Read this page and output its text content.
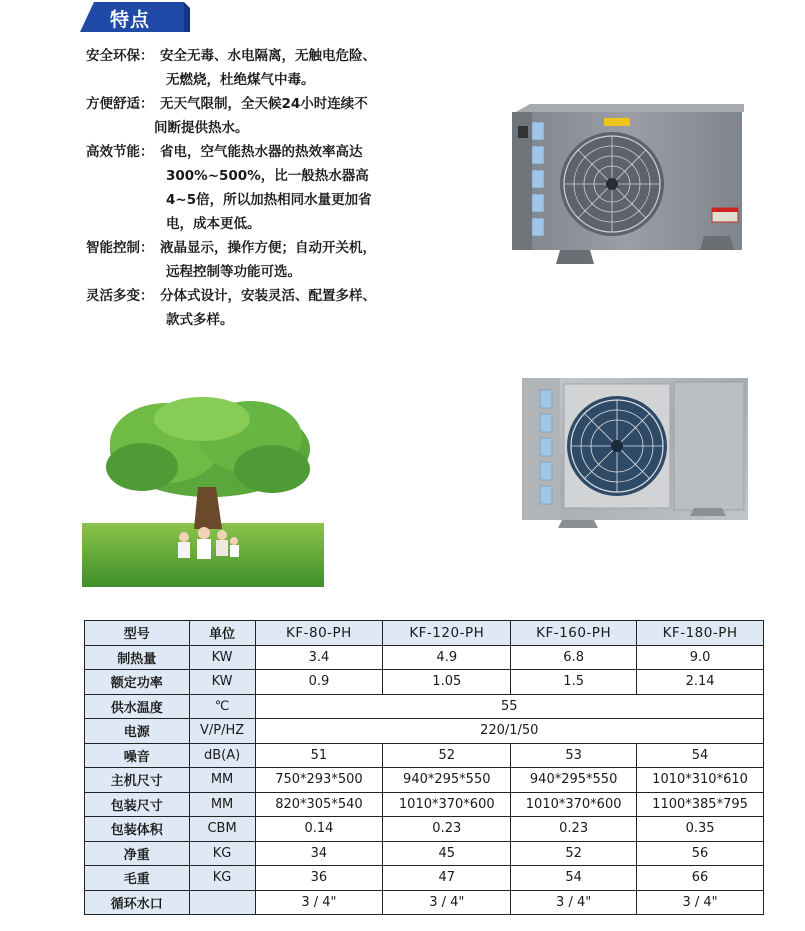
特点
安全环保： 安全无毒、水电隔离，无触电危险、
无燃烧，杜绝煤气中毒。
方便舒适： 无天气限制，全天候24小时连续不
间断提供热水。
高效节能： 省电，空气能热水器的热效率高达
300%~500%，比一般热水器高
4~5倍，所以加热相同水量更加省
电，成本更低。
智能控制： 液晶显示，操作方便；自动开关机，
远程控制等功能可选。
灵活多变： 分体式设计，安装灵活、配置多样、
款式多样。
型号	单位	KF-80-PH	KF-120-PH	KF-160-PH	KF-180-PH
制热量	KW	3.4	4.9	6.8	9.0
额定功率	KW	0.9	1.05	1.5	2.14
供水温度	℃	55			
电源	V/P/HZ	220/1/50			
噪音	dB(A)	51	52	53	54
主机尺寸	MM	750*293*500	940*295*550	940*295*550	1010*310*610
包装尺寸	MM	820*305*540	1010*370*600	1010*370*600	1100*385*795
包装体积	CBM	0.14	0.23	0.23	0.35
净重	KG	34	45	52	56
毛重	KG	36	47	54	66
循环水口		3 / 4"	3 / 4"	3 / 4"	3 / 4"
